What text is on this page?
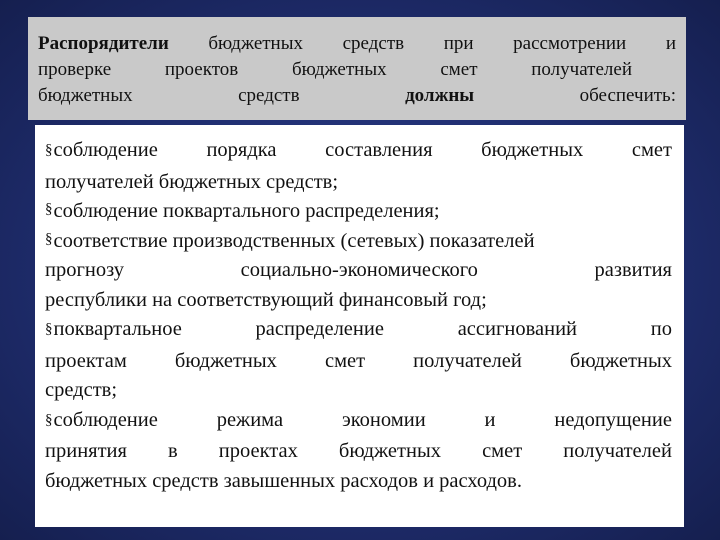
Распорядители бюджетных средств при рассмотрении и
проверке	проектов	бюджетных	смет	получателей
бюджетных	средств	должны	обеспечить:
§соблюдение порядка составления бюджетных смет
получателей бюджетных средств;
§ соблюдение поквартального распределения;
§ соответствие производственных (сетевых) показателей
прогнозу	социально-экономического	развития
республики на соответствующий финансовый год;
§поквартальное	распределение	ассигнований	по
проектам бюджетных смет получателей бюджетных
средств;
§соблюдение	режима	экономии	и	недопущение
принятия в проектах бюджетных смет получателей
бюджетных средств завышенных расходов и расходов.
